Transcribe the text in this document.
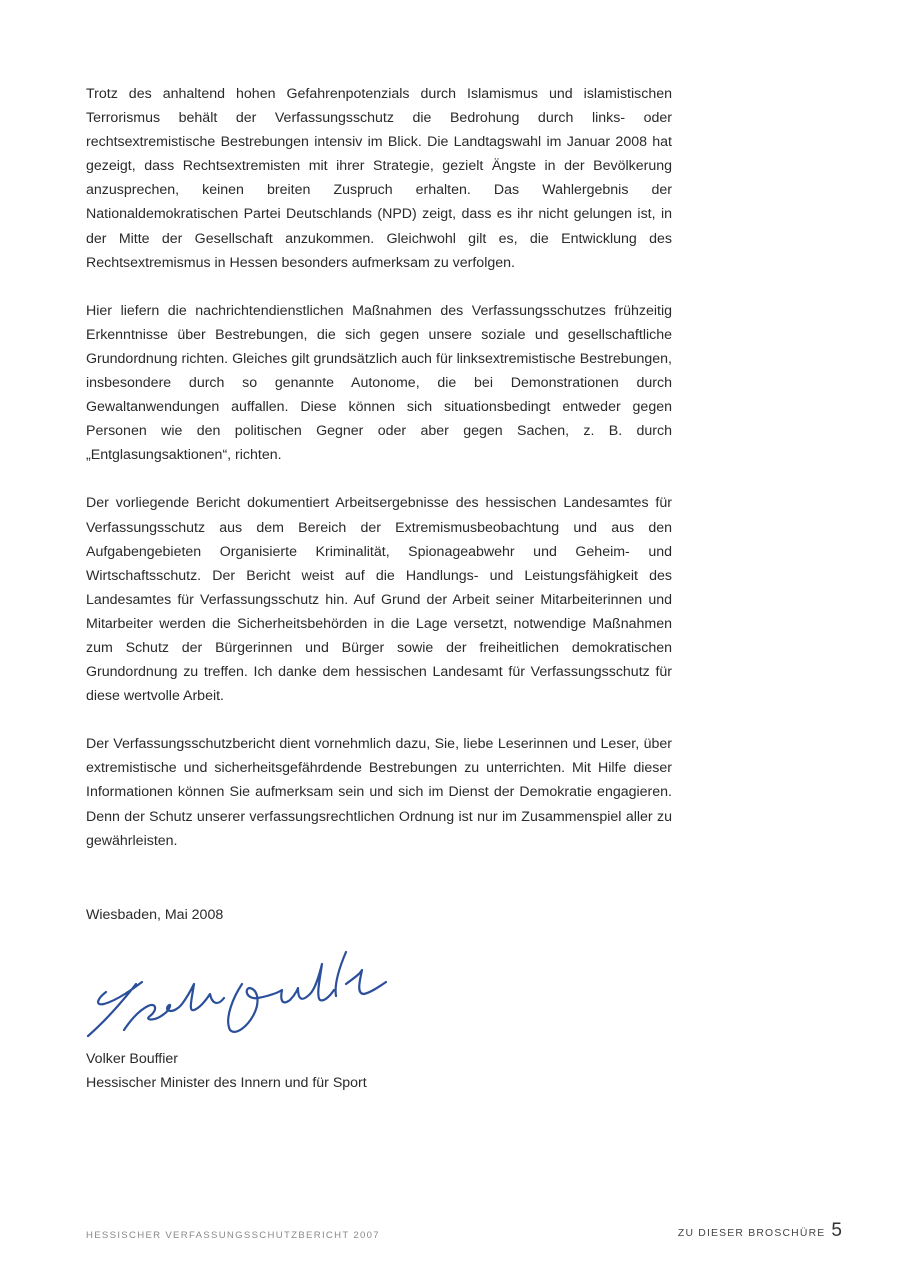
Trotz des anhaltend hohen Gefahrenpotenzials durch Islamismus und islamistischen Terrorismus behält der Verfassungsschutz die Bedrohung durch links- oder rechtsextremistische Bestrebungen intensiv im Blick. Die Landtagswahl im Januar 2008 hat gezeigt, dass Rechtsextremisten mit ihrer Strategie, gezielt Ängste in der Bevölkerung anzusprechen, keinen breiten Zuspruch erhalten. Das Wahlergebnis der Nationaldemokratischen Partei Deutschlands (NPD) zeigt, dass es ihr nicht gelungen ist, in der Mitte der Gesellschaft anzukommen. Gleichwohl gilt es, die Entwicklung des Rechtsextremismus in Hessen besonders aufmerksam zu verfolgen.

Hier liefern die nachrichtendienstlichen Maßnahmen des Verfassungsschutzes frühzeitig Erkenntnisse über Bestrebungen, die sich gegen unsere soziale und gesellschaftliche Grundordnung richten. Gleiches gilt grundsätzlich auch für linksextremistische Bestrebungen, insbesondere durch so genannte Autonome, die bei Demonstrationen durch Gewaltanwendungen auffallen. Diese können sich situationsbedingt entweder gegen Personen wie den politischen Gegner oder aber gegen Sachen, z. B. durch „Entglasungsaktionen“, richten.

Der vorliegende Bericht dokumentiert Arbeitsergebnisse des hessischen Landesamtes für Verfassungsschutz aus dem Bereich der Extremismusbeobachtung und aus den Aufgabengebieten Organisierte Kriminalität, Spionageabwehr und Geheim- und Wirtschaftsschutz. Der Bericht weist auf die Handlungs- und Leistungsfähigkeit des Landesamtes für Verfassungsschutz hin. Auf Grund der Arbeit seiner Mitarbeiterinnen und Mitarbeiter werden die Sicherheitsbehörden in die Lage versetzt, notwendige Maßnahmen zum Schutz der Bürgerinnen und Bürger sowie der freiheitlichen demokratischen Grundordnung zu treffen. Ich danke dem hessischen Landesamt für Verfassungsschutz für diese wertvolle Arbeit.

Der Verfassungsschutzbericht dient vornehmlich dazu, Sie, liebe Leserinnen und Leser, über extremistische und sicherheitsgefährdende Bestrebungen zu unterrichten. Mit Hilfe dieser Informationen können Sie aufmerksam sein und sich im Dienst der Demokratie engagieren. Denn der Schutz unserer verfassungsrechtlichen Ordnung ist nur im Zusammenspiel aller zu gewährleisten.

Wiesbaden, Mai 2008

Volker Bouffier
Hessischer Minister des Innern und für Sport
HESSISCHER VERFASSUNGSSCHUTZBERICHT 2007	ZU DIESER BROSCHÜRE 5
